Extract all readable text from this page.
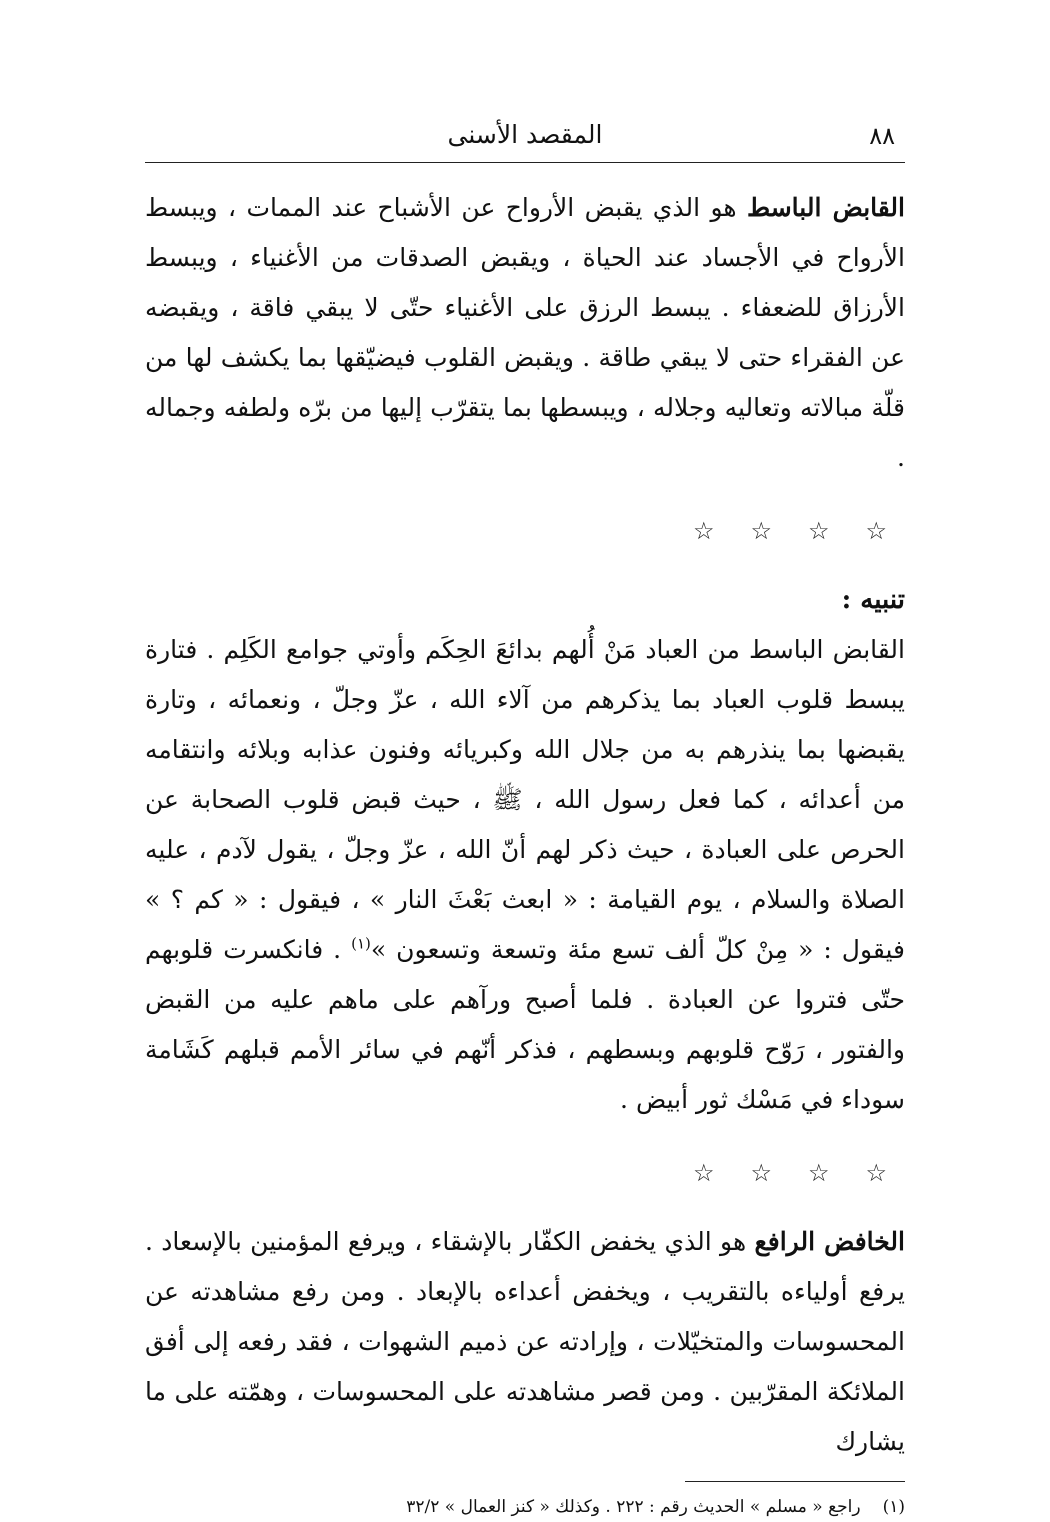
٨٨
المقصد الأسنى

القابض الباسط هو الذي يقبض الأرواح عن الأشباح عند الممات ، ويبسط الأرواح في الأجساد عند الحياة ، ويقبض الصدقات من الأغنياء ، ويبسط الأرزاق للضعفاء . يبسط الرزق على الأغنياء حتّى لا يبقي فاقة ، ويقبضه عن الفقراء حتى لا يبقي طاقة . ويقبض القلوب فيضيّقها بما يكشف لها من قلّة مبالاته وتعاليه وجلاله ، ويبسطها بما يتقرّب إليها من برّه ولطفه وجماله .

☆☆☆☆

تنبيه :

القابض الباسط من العباد مَنْ أُلهم بدائعَ الحِكَم وأوتي جوامع الكَلِم . فتارة يبسط قلوب العباد بما يذكرهم من آلاء الله ، عزّ وجلّ ، ونعمائه ، وتارة يقبضها بما ينذرهم به من جلال الله وكبريائه وفنون عذابه وبلائه وانتقامه من أعدائه ، كما فعل رسول الله ، ﷺ ، حيث قبض قلوب الصحابة عن الحرص على العبادة ، حيث ذكر لهم أنّ الله ، عزّ وجلّ ، يقول لآدم ، عليه الصلاة والسلام ، يوم القيامة : « ابعث بَعْثَ النار » ، فيقول : « كم ؟ » فيقول : « مِنْ كلّ ألف تسع مئة وتسعة وتسعون »$^{(١)}$ . فانكسرت قلوبهم حتّى فتروا عن العبادة . فلما أصبح ورآهم على ماهم عليه من القبض والفتور ، رَوّح قلوبهم وبسطهم ، فذكر أنّهم في سائر الأمم قبلهم كَشَامة سوداء في مَسْك ثور أبيض .

☆☆☆☆

الخافض الرافع هو الذي يخفض الكفّار بالإشقاء ، ويرفع المؤمنين بالإسعاد . يرفع أولياءه بالتقريب ، ويخفض أعداءه بالإبعاد . ومن رفع مشاهدته عن المحسوسات والمتخيّلات ، وإرادته عن ذميم الشهوات ، فقد رفعه إلى أفق الملائكة المقرّبين . ومن قصر مشاهدته على المحسوسات ، وهمّته على ما يشارك

(١)
راجع « مسلم » الحديث رقم : ٢٢٢ . وكذلك « كنز العمال » ٣٢/٢
